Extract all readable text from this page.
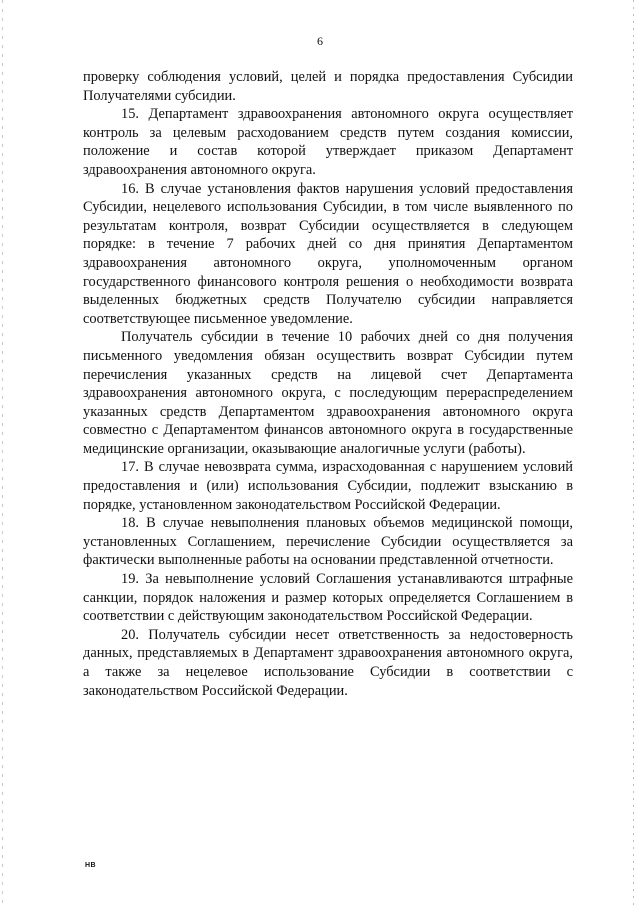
6

проверку соблюдения условий, целей и порядка предоставления Субсидии Получателями субсидии.

15. Департамент здравоохранения автономного округа осуществляет контроль за целевым расходованием средств путем создания комиссии, положение и состав которой утверждает приказом Департамент здравоохранения автономного округа.

16. В случае установления фактов нарушения условий предоставления Субсидии, нецелевого использования Субсидии, в том числе выявленного по результатам контроля, возврат Субсидии осуществляется в следующем порядке: в течение 7 рабочих дней со дня принятия Департаментом здравоохранения автономного округа, уполномоченным органом государственного финансового контроля решения о необходимости возврата выделенных бюджетных средств Получателю субсидии направляется соответствующее письменное уведомление.

Получатель субсидии в течение 10 рабочих дней со дня получения письменного уведомления обязан осуществить возврат Субсидии путем перечисления указанных средств на лицевой счет Департамента здравоохранения автономного округа, с последующим перераспределением указанных средств Департаментом здравоохранения автономного округа совместно с Департаментом финансов автономного округа в государственные медицинские организации, оказывающие аналогичные услуги (работы).

17. В случае невозврата сумма, израсходованная с нарушением условий предоставления и (или) использования Субсидии, подлежит взысканию в порядке, установленном законодательством Российской Федерации.

18. В случае невыполнения плановых объемов медицинской помощи, установленных Соглашением, перечисление Субсидии осуществляется за фактически выполненные работы на основании представленной отчетности.

19. За невыполнение условий Соглашения устанавливаются штрафные санкции, порядок наложения и размер которых определяется Соглашением в соответствии с действующим законодательством Российской Федерации.

20. Получатель субсидии несет ответственность за недостоверность данных, представляемых в Департамент здравоохранения автономного округа, а также за нецелевое использование Субсидии в соответствии с законодательством Российской Федерации.

НВ
